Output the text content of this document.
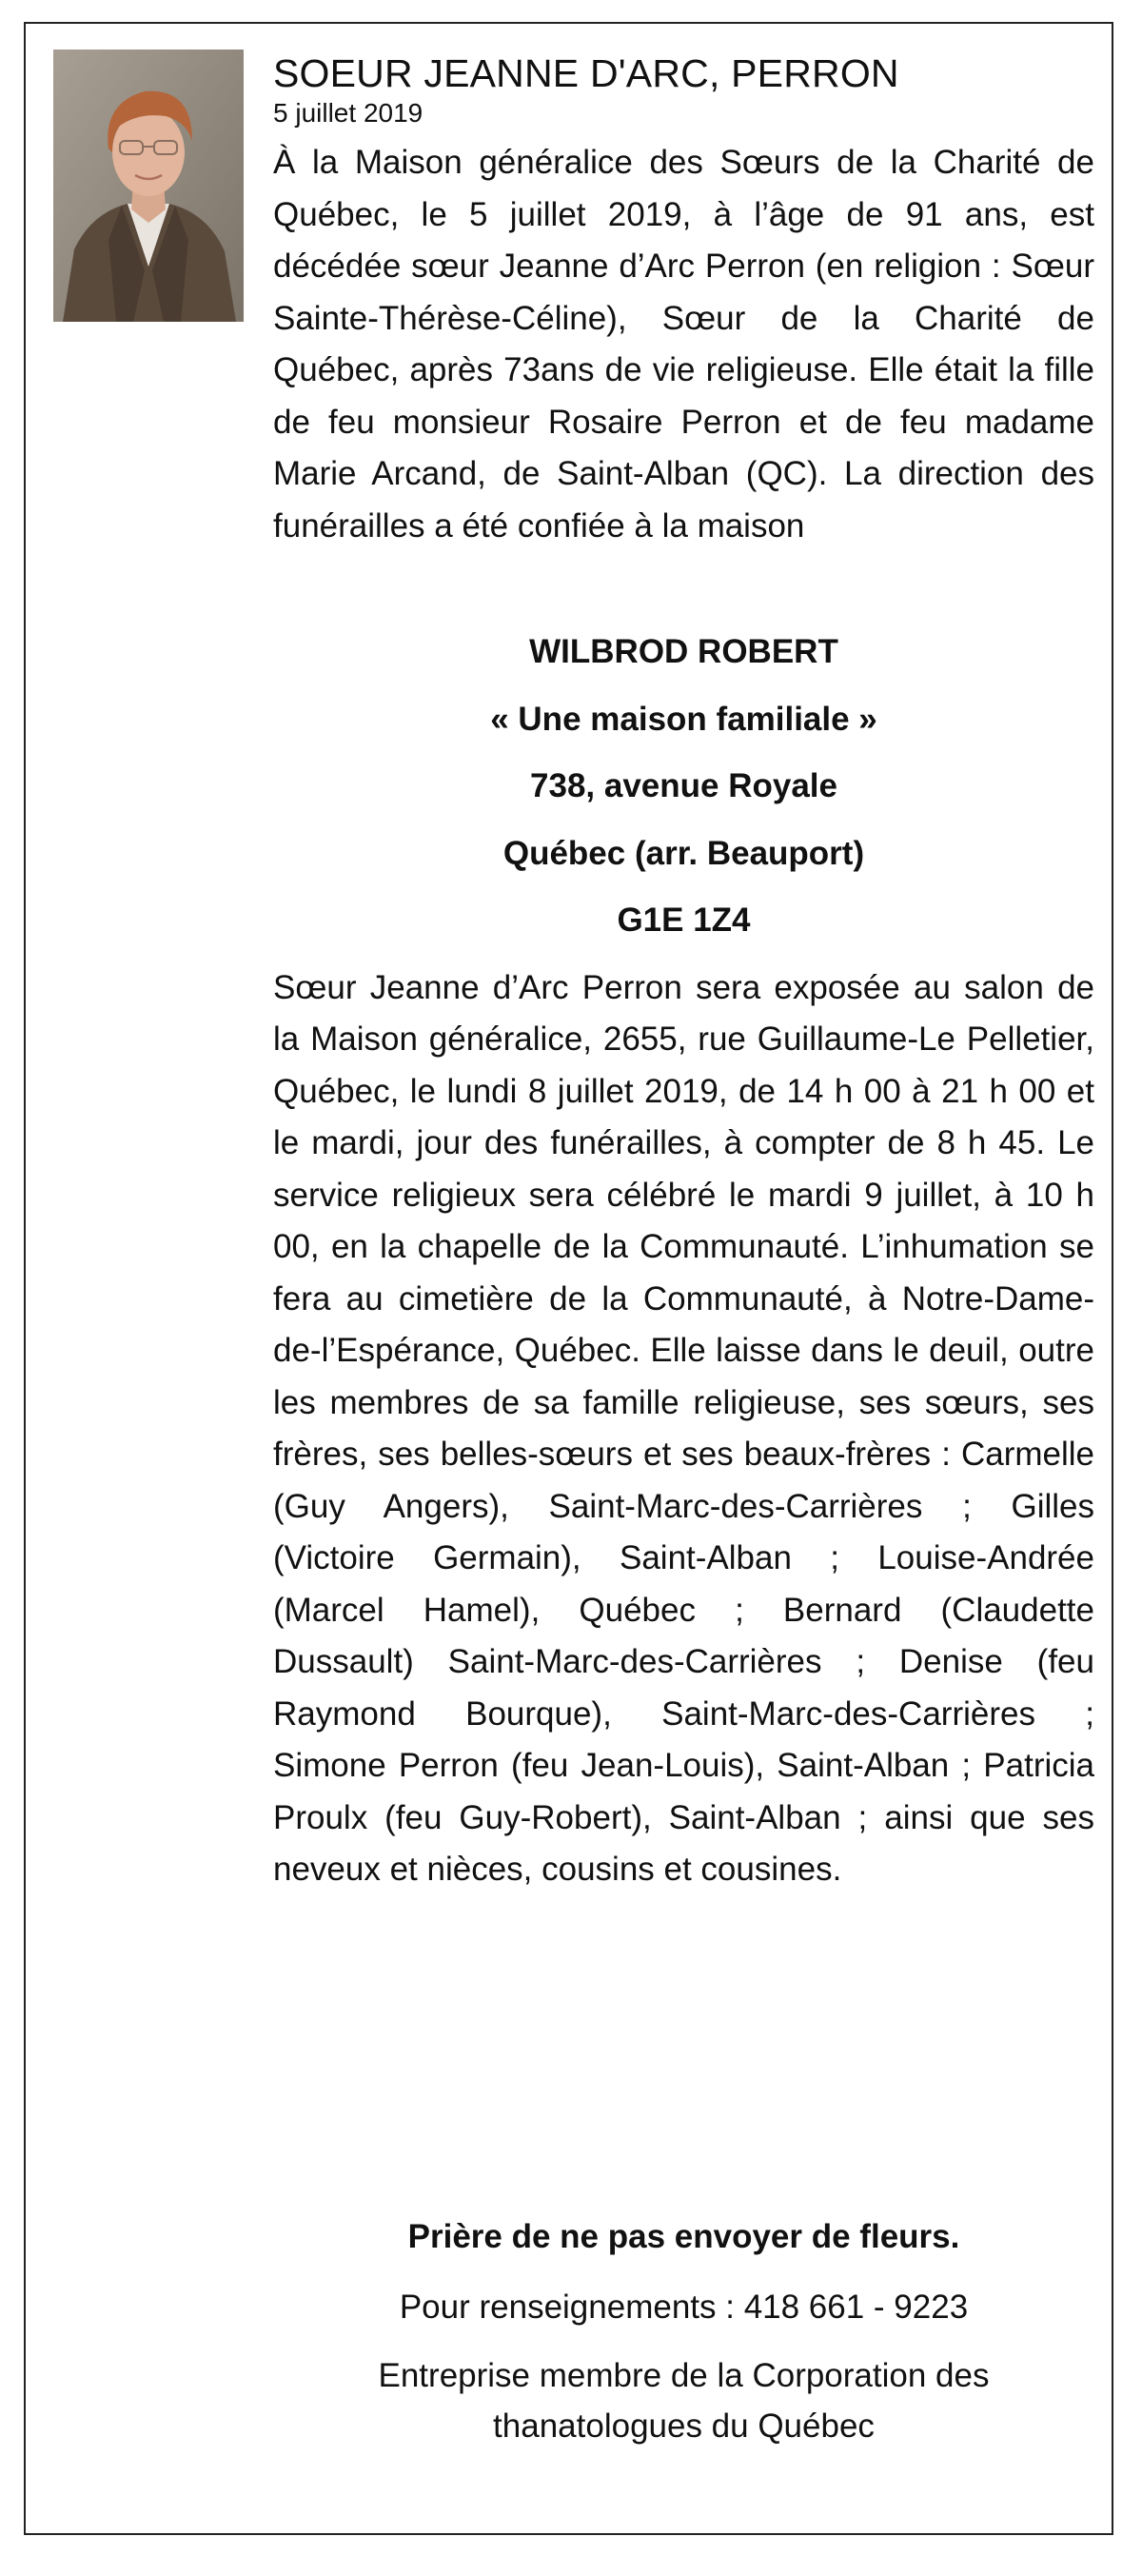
SOEUR JEANNE D'ARC, PERRON

5 juillet 2019

À la Maison généralice des Sœurs de la Charité de Québec, le 5 juillet 2019, à l’âge de 91 ans, est décédée sœur Jeanne d’Arc Perron (en religion : Sœur Sainte-Thérèse-Céline), Sœur de la Charité de Québec, après 73ans de vie religieuse. Elle était la fille de feu monsieur Rosaire Perron et de feu madame Marie Arcand, de Saint-Alban (QC). La direction des funérailles a été confiée à la maison

WILBROD ROBERT
« Une maison familiale »
738, avenue Royale
Québec (arr. Beauport)
G1E 1Z4

Sœur Jeanne d’Arc Perron sera exposée au salon de la Maison généralice, 2655, rue Guillaume-Le Pelletier, Québec, le lundi 8 juillet 2019, de 14 h 00 à 21 h 00 et le mardi, jour des funérailles, à compter de 8 h 45. Le service religieux sera célébré le mardi 9 juillet, à 10 h 00, en la chapelle de la Communauté. L’inhumation se fera au cimetière de la Communauté, à Notre-Dame-de-l’Espérance, Québec. Elle laisse dans le deuil, outre les membres de sa famille religieuse, ses sœurs, ses frères, ses belles-sœurs et ses beaux-frères : Carmelle (Guy Angers), Saint-Marc-des-Carrières ; Gilles (Victoire Germain), Saint-Alban ; Louise-Andrée (Marcel Hamel), Québec ; Bernard (Claudette Dussault) Saint-Marc-des-Carrières ; Denise (feu Raymond Bourque), Saint-Marc-des-Carrières ; Simone Perron (feu Jean-Louis), Saint-Alban ; Patricia Proulx (feu Guy-Robert), Saint-Alban ; ainsi que ses neveux et nièces, cousins et cousines.

Prière de ne pas envoyer de fleurs.

Pour renseignements : 418 661 - 9223

Entreprise membre de la Corporation des thanatologues du Québec
